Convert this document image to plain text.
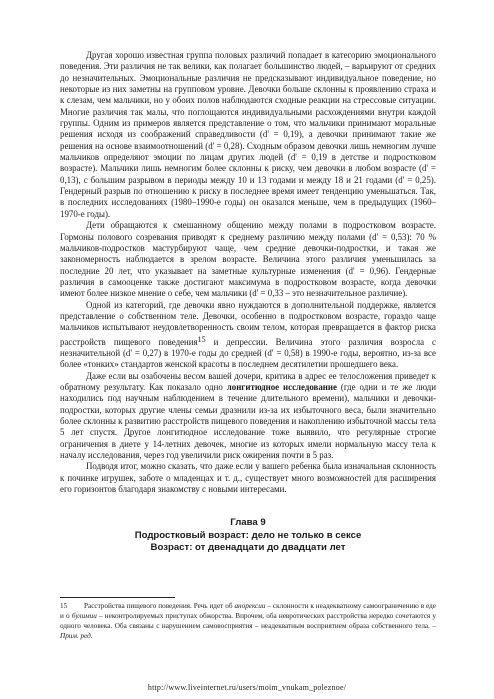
Другая хорошо известная группа половых различий попадает в категорию эмоционального поведения. Эти различия не так велики, как полагает большинство людей, – варьируют от средних до незначительных. Эмоциональные различия не предсказывают индивидуальное поведение, но некоторые из них заметны на групповом уровне. Девочки больше склонны к проявлению страха и к слезам, чем мальчики, но у обоих полов наблюдаются сходные реакции на стрессовые ситуации. Многие различия так малы, что поглощаются индивидуальными расхождениями внутри каждой группы. Одним из примеров является представление о том, что мальчики принимают моральные решения исходя из соображений справедливости (d' = 0,19), а девочки принимают такие же решения на основе взаимоотношений (d' = 0,28). Сходным образом девочки лишь немногим лучше мальчиков определяют эмоции по лицам других людей (d' = 0,19 в детстве и подростковом возрасте). Мальчики лишь немногим более склонны к риску, чем девочки в любом возрасте (d' = 0,13), с большим разрывом в периоды между 10 и 13 годами и между 18 и 21 годами (d' = 0,25). Гендерный разрыв по отношению к риску в последнее время имеет тенденцию уменьшаться. Так, в последних исследованиях (1980–1990-е годы) он оказался меньше, чем в предыдущих (1960–1970-е годы).

Дети обращаются к смешанному общению между полами в подростковом возрасте. Гормоны полового созревания приводят к среднему различию между полами (d' = 0,53): 70 % мальчиков-подростков мастурбируют чаще, чем средние девочки-подростки, и такая же закономерность наблюдается в зрелом возрасте. Величина этого различия уменьшилась за последние 20 лет, что указывает на заметные культурные изменения (d' = 0,96). Гендерные различия в самооценке также достигают максимума в подростковом возрасте, когда девочки имеют более низкое мнение о себе, чем мальчики (d' = 0,33 – это незначительное различие).

Одной из категорий, где девочки явно нуждаются в дополнительной поддержке, является представление о собственном теле. Девочки, особенно в подростковом возрасте, гораздо чаще мальчиков испытывают неудовлетворенность своим телом, которая превращается в фактор риска расстройств пищевого поведения15 и депрессии. Величина этого различия возросла с незначительной (d' = 0,27) в 1970-е годы до средней (d' = 0,58) в 1990-е годы, вероятно, из-за все более «тонких» стандартов женской красоты в последнем десятилетии прошедшего века.

Даже если вы озабочены весом вашей дочери, критика в адрес ее телосложения приведет к обратному результату. Как показало одно лонгитюдное исследование (где одни и те же люди находились под научным наблюдением в течение длительного времени), мальчики и девочки-подростки, которых другие члены семьи дразнили из-за их избыточного веса, были значительно более склонны к развитию расстройств пищевого поведения и накоплению избыточной массы тела 5 лет спустя. Другое лонгитюдное исследование тоже выявило, что регулярные строгие ограничения в диете у 14-летних девочек, многие из которых имели нормальную массу тела к началу исследования, через год увеличили риск ожирения почти в 5 раз.

Подводя итог, можно сказать, что даже если у вашего ребенка была изначальная склонность к починке игрушек, заботе о младенцах и т. д., существует много возможностей для расширения его горизонтов благодаря знакомству с новыми интересами.

Глава 9
Подростковый возраст: дело не только в сексе
Возраст: от двенадцати до двадцати лет
15 Расстройства пищевого поведения. Речь идет об анорексии – склонности к неадекватному самоограничению в еде и о булимии – неконтролируемых приступах обжорства. Впрочем, оба невротических расстройства нередко сочетаются у одного человека. Оба связаны с нарушением самовосприятия – неадекватным восприятием образа собственного тела. – Прим. ред.
http://www.liveinternet.ru/users/moim_vnukam_poleznoe/
